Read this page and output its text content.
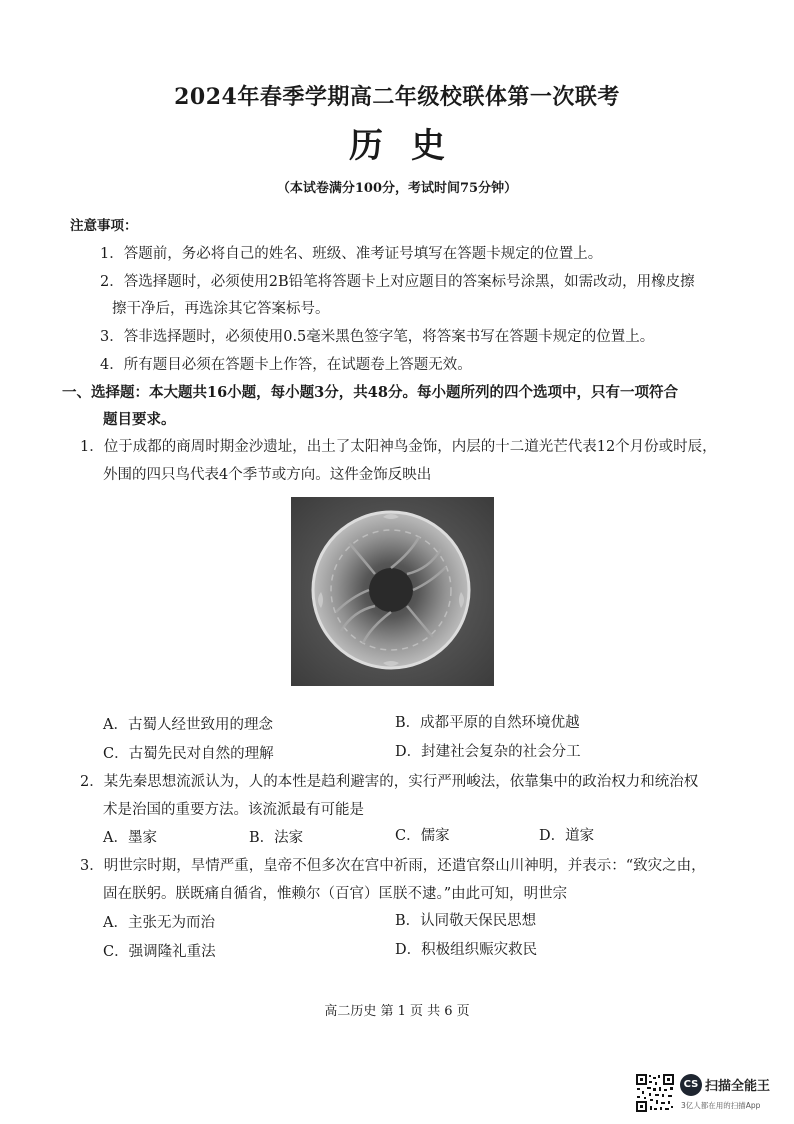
2024年春季学期高二年级校联体第一次联考
历史
（本试卷满分100分，考试时间75分钟）
注意事项：
1．答题前，务必将自己的姓名、班级、准考证号填写在答题卡规定的位置上。
2．答选择题时，必须使用2B铅笔将答题卡上对应题目的答案标号涂黑，如需改动，用橡皮擦
擦干净后，再选涂其它答案标号。
3．答非选择题时，必须使用0.5毫米黑色签字笔，将答案书写在答题卡规定的位置上。
4．所有题目必须在答题卡上作答，在试题卷上答题无效。
一、选择题：本大题共16小题，每小题3分，共48分。每小题所列的四个选项中，只有一项符合
题目要求。
1．位于成都的商周时期金沙遗址，出土了太阳神鸟金饰，内层的十二道光芒代表12个月份或时辰，
外围的四只鸟代表4个季节或方向。这件金饰反映出
A．古蜀人经世致用的理念	B．成都平原的自然环境优越
C．古蜀先民对自然的理解	D．封建社会复杂的社会分工
2．某先秦思想流派认为，人的本性是趋利避害的，实行严刑峻法，依靠集中的政治权力和统治权
术是治国的重要方法。该流派最有可能是
A．墨家	B．法家	C．儒家	D．道家
3．明世宗时期，旱情严重，皇帝不但多次在宫中祈雨，还遣官祭山川神明，并表示：“致灾之由，
固在朕躬。朕既痛自循省，惟赖尔（百官）匡朕不逮。”由此可知，明世宗
A．主张无为而治	B．认同敬天保民思想
C．强调隆礼重法	D．积极组织赈灾救民
高二历史 第 1 页 共 6 页
CS 扫描全能王
3亿人都在用的扫描App
